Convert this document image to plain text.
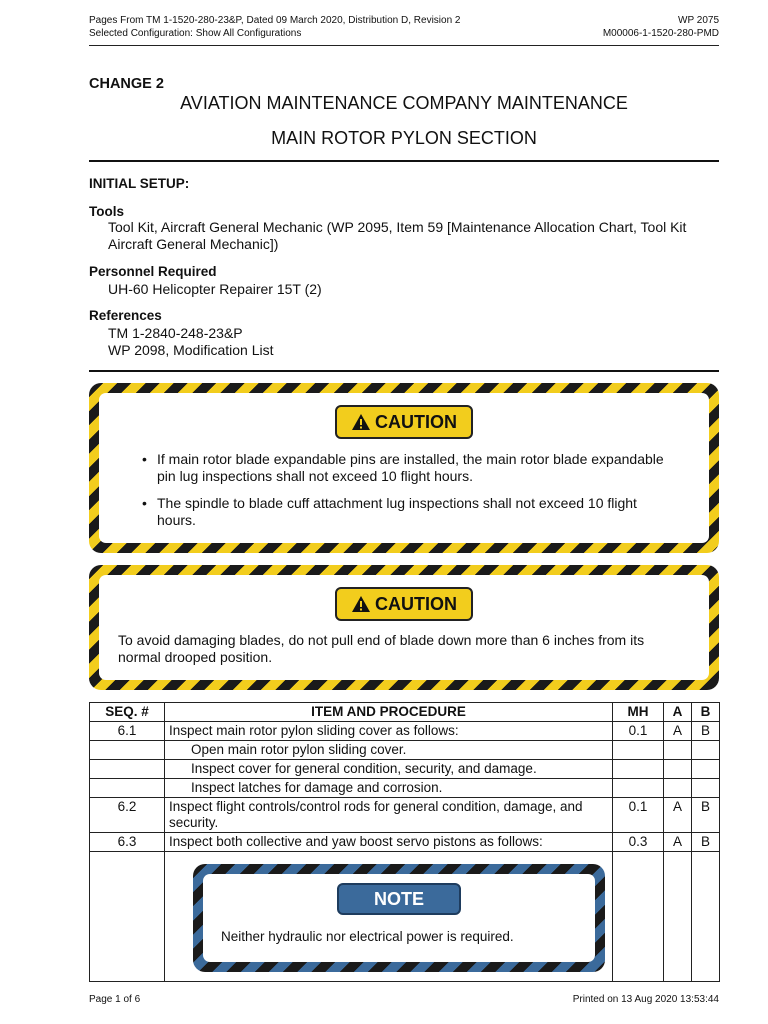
Pages From TM 1-1520-280-23&P, Dated 09 March 2020, Distribution D, Revision 2
Selected Configuration: Show All Configurations
WP 2075
M00006-1-1520-280-PMD
CHANGE 2
AVIATION MAINTENANCE COMPANY MAINTENANCE
MAIN ROTOR PYLON SECTION
INITIAL SETUP:
Tools
Tool Kit, Aircraft General Mechanic (WP 2095, Item 59 [Maintenance Allocation Chart, Tool Kit Aircraft General Mechanic])
Personnel Required
UH-60 Helicopter Repairer 15T (2)
References
TM 1-2840-248-23&P
WP 2098, Modification List
CAUTION
• If main rotor blade expandable pins are installed, the main rotor blade expandable pin lug inspections shall not exceed 10 flight hours.
• The spindle to blade cuff attachment lug inspections shall not exceed 10 flight hours.
CAUTION
To avoid damaging blades, do not pull end of blade down more than 6 inches from its normal drooped position.
SEQ. #	ITEM AND PROCEDURE	MH	A	B
6.1	Inspect main rotor pylon sliding cover as follows:	0.1	A	B
	Open main rotor pylon sliding cover.			
	Inspect cover for general condition, security, and damage.			
	Inspect latches for damage and corrosion.			
6.2	Inspect flight controls/control rods for general condition, damage, and security.	0.1	A	B
6.3	Inspect both collective and yaw boost servo pistons as follows:	0.3	A	B

	NOTE
Neither hydraulic nor electrical power is required.			

Page 1 of 6	Printed on 13 Aug 2020 13:53:44
